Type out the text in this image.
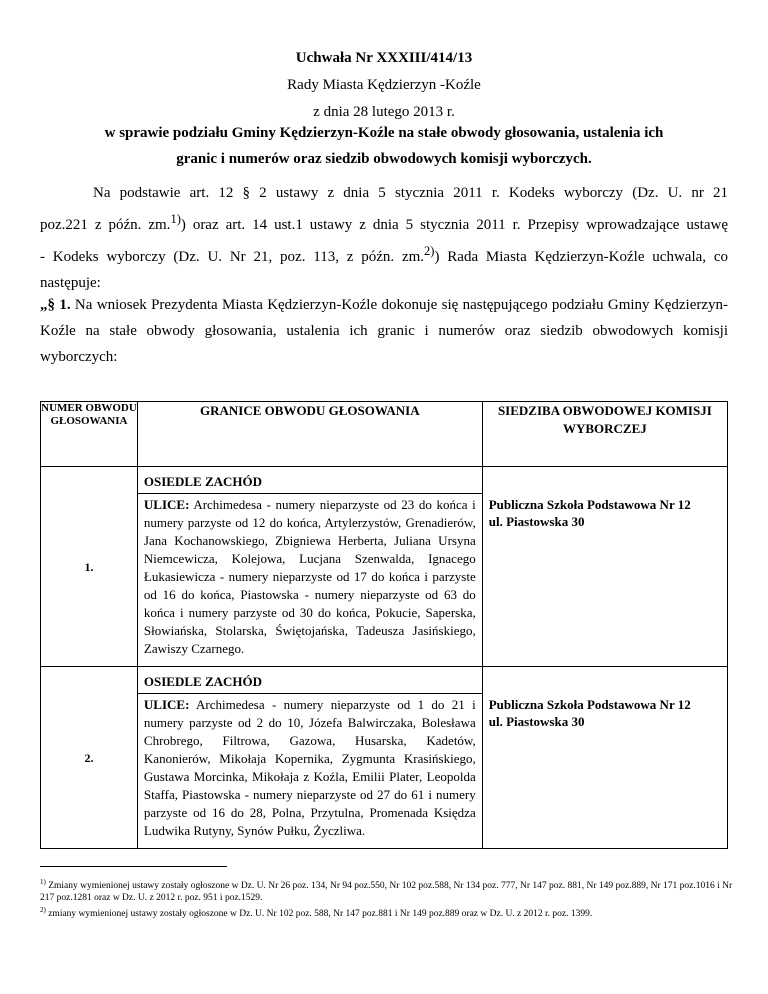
Uchwała Nr XXXIII/414/13
Rady Miasta Kędzierzyn -Koźle
z dnia 28 lutego 2013 r.
w sprawie podziału Gminy Kędzierzyn-Koźle na stałe obwody głosowania, ustalenia ich
granic i numerów oraz siedzib obwodowych komisji wyborczych.
Na podstawie art. 12 § 2 ustawy z dnia 5 stycznia 2011 r. Kodeks wyborczy (Dz. U. nr 21 poz.221 z późn. zm.$^{1)}$) oraz art. 14 ust.1 ustawy z dnia 5 stycznia 2011 r. Przepisy wprowadzające ustawę - Kodeks wyborczy (Dz. U. Nr 21, poz. 113, z późn. zm.$^{2)}$) Rada Miasta Kędzierzyn-Koźle uchwala, co następuje:
„§ 1. Na wniosek Prezydenta Miasta Kędzierzyn-Koźle dokonuje się następującego podziału Gminy Kędzierzyn-Koźle na stałe obwody głosowania, ustalenia ich granic i numerów oraz siedzib obwodowych komisji wyborczych:
NUMER OBWODU GŁOSOWANIA	GRANICE OBWODU GŁOSOWANIA	SIEDZIBA OBWODOWEJ KOMISJI WYBORCZEJ
1.	OSIEDLE ZACHÓD	
	ULICE: Archimedesa - numery nieparzyste od 23 do końca i numery parzyste od 12 do końca, Artylerzystów, Grenadierów, Jana Kochanowskiego, Zbigniewa Herberta, Juliana Ursyna Niemcewicza, Kolejowa, Lucjana Szenwalda, Ignacego Łukasiewicza - numery nieparzyste od 17 do końca i parzyste od 16 do końca, Piastowska - numery nieparzyste od 63 do końca i numery parzyste od 30 do końca, Pokucie, Saperska, Słowiańska, Stolarska, Świętojańska, Tadeusza Jasińskiego, Zawiszy Czarnego.	Publiczna Szkoła Podstawowa Nr 12
ul. Piastowska 30

2.	OSIEDLE ZACHÓD	
	ULICE: Archimedesa - numery nieparzyste od 1 do 21 i numery parzyste od 2 do 10, Józefa Balwirczaka, Bolesława Chrobrego, Filtrowa, Gazowa, Husarska, Kadetów, Kanonierów, Mikołaja Kopernika, Zygmunta Krasińskiego, Gustawa Morcinka, Mikołaja z Koźla, Emilii Plater, Leopolda Staffa, Piastowska - numery nieparzyste od 27 do 61 i numery parzyste od 16 do 28, Polna, Przytulna, Promenada Księdza Ludwika Rutyny, Synów Pułku, Życzliwa.	Publiczna Szkoła Podstawowa Nr 12
ul. Piastowska 30
$^{1)}$ Zmiany wymienionej ustawy zostały ogłoszone w Dz. U. Nr 26 poz. 134, Nr 94 poz.550, Nr 102 poz.588, Nr 134 poz. 777, Nr 147 poz. 881, Nr 149 poz.889, Nr 171 poz.1016 i Nr 217 poz.1281 oraz w Dz. U. z 2012 r. poz. 951 i poz.1529.
$^{2)}$ zmiany wymienionej ustawy zostały ogłoszone w Dz. U. Nr 102 poz. 588, Nr 147 poz.881 i Nr 149 poz.889 oraz w Dz. U. z 2012 r. poz. 1399.
